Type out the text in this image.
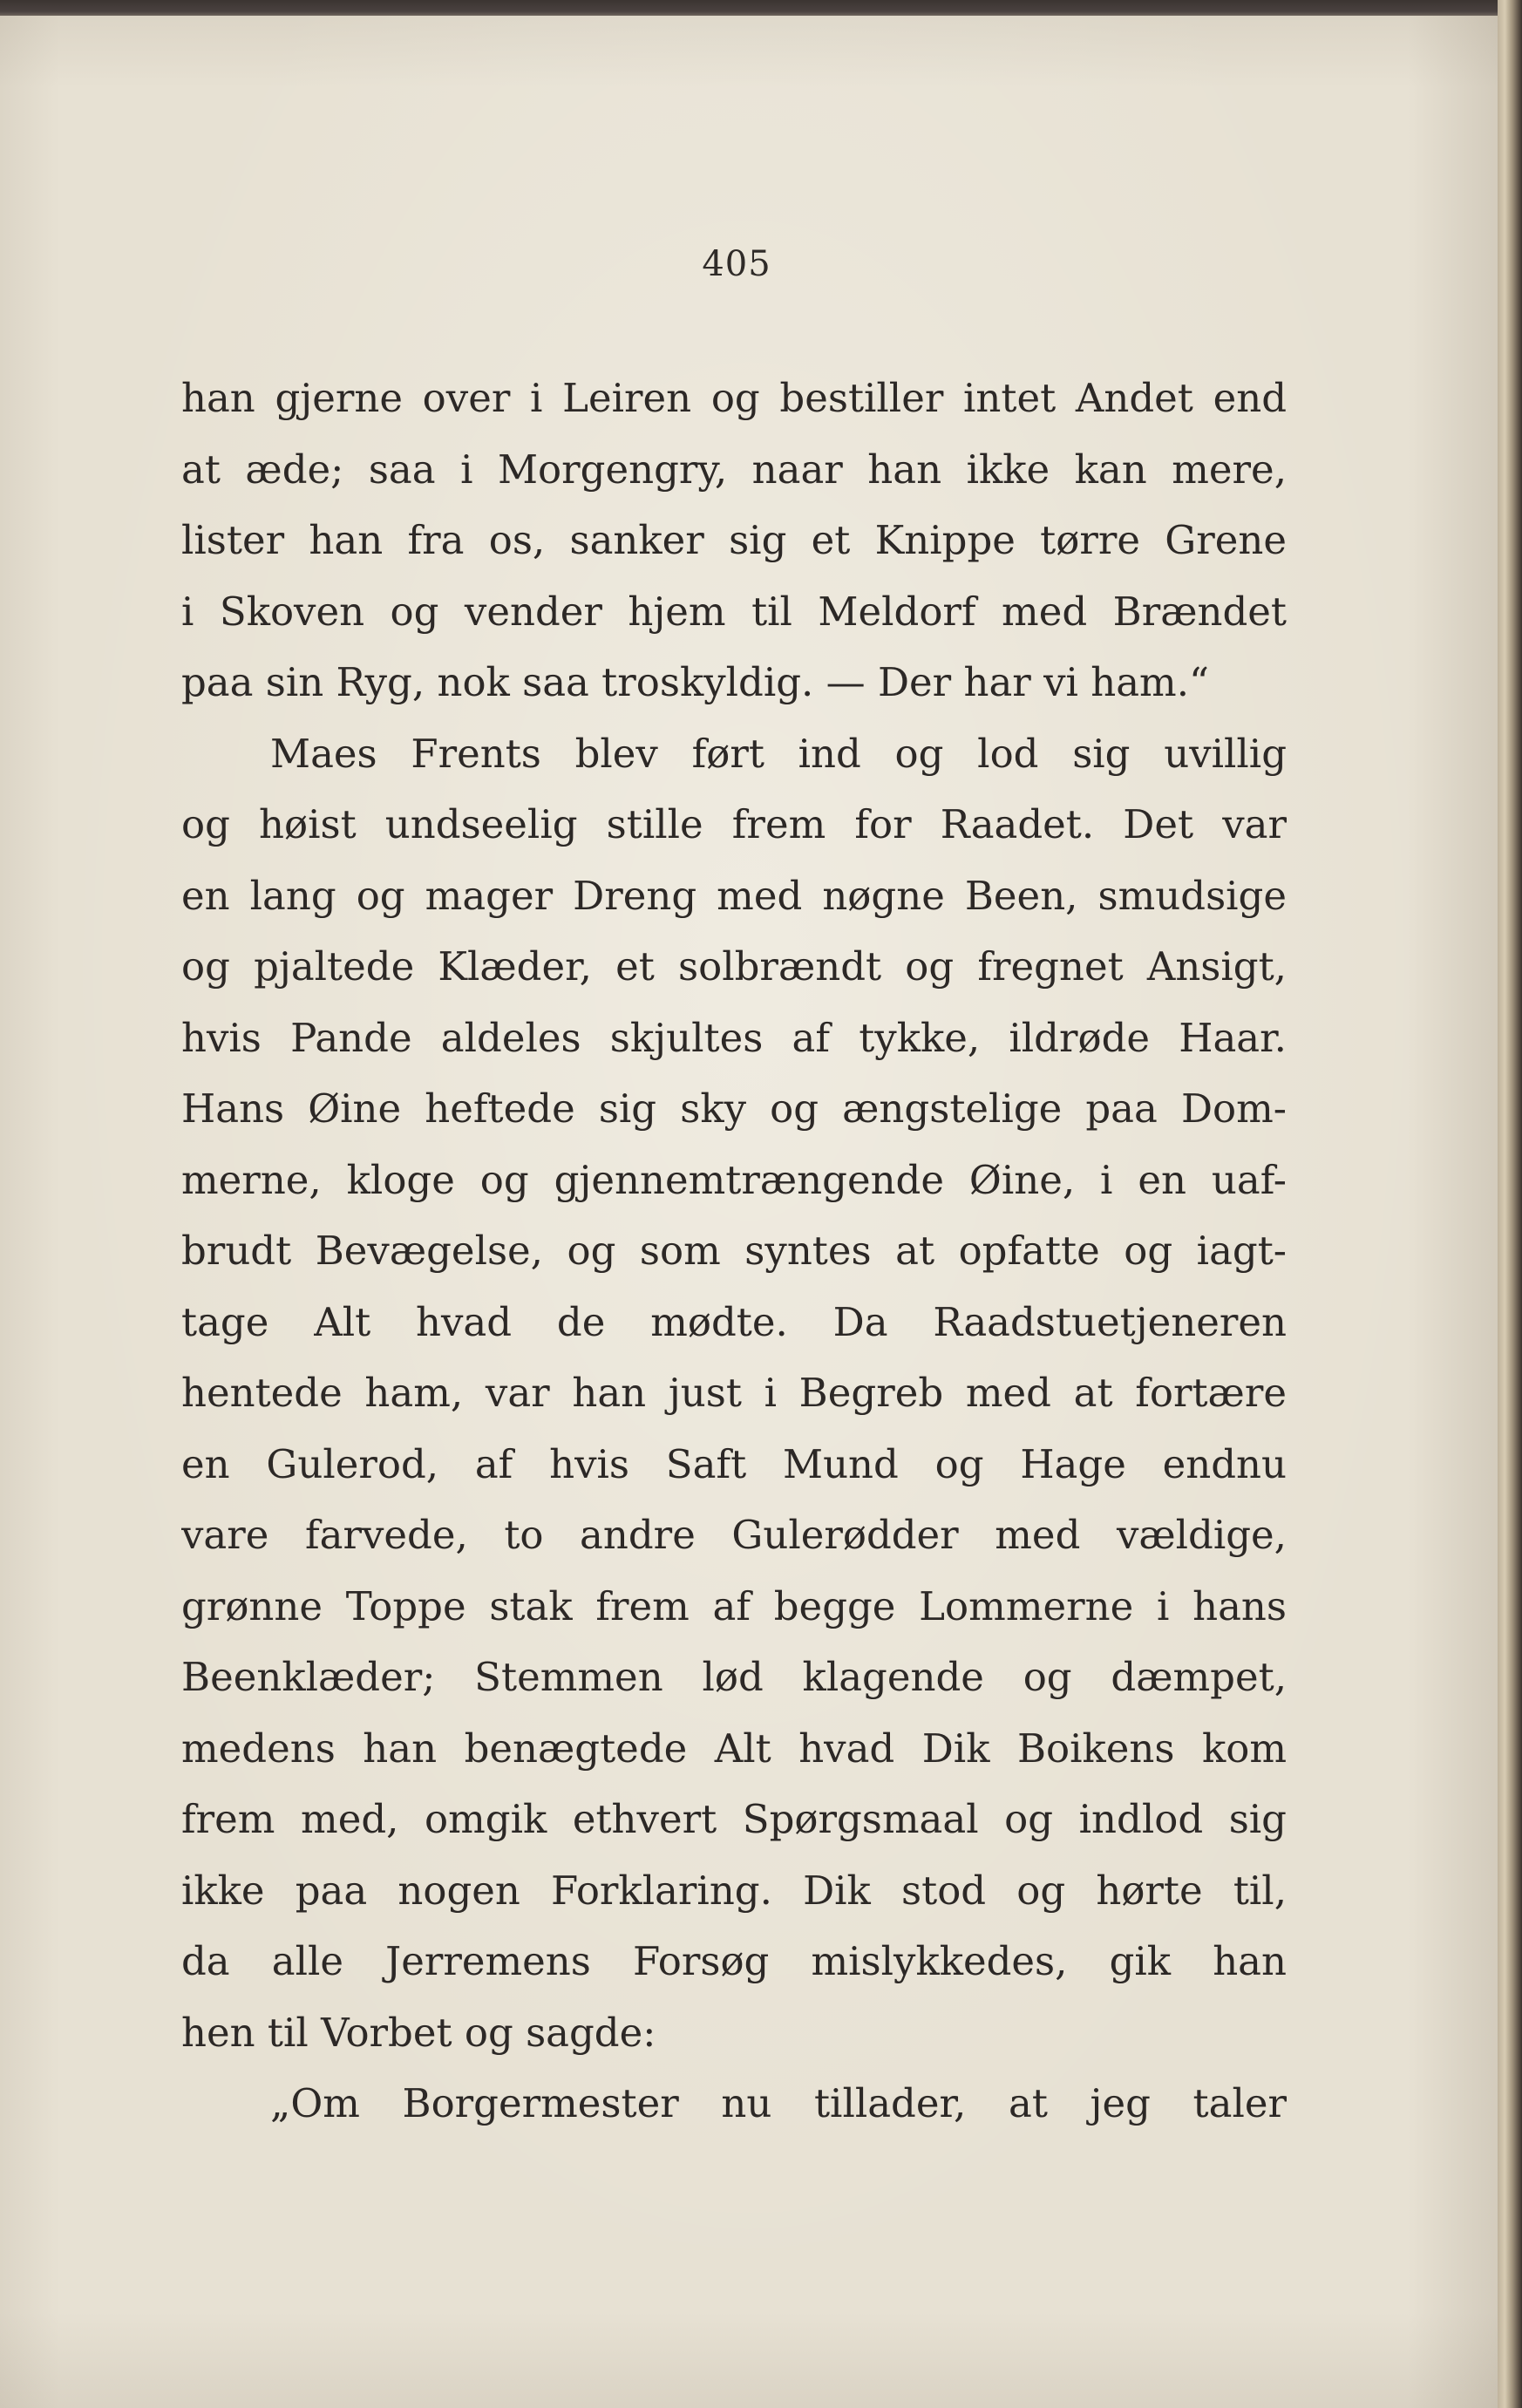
405
han gjerne over i Leiren og bestiller intet Andet end
at æde; saa i Morgengry, naar han ikke kan mere,
lister han fra os, sanker sig et Knippe tørre Grene
i Skoven og vender hjem til Meldorf med Brændet
paa sin Ryg, nok saa troskyldig. — Der har vi ham.“
Maes Frents blev ført ind og lod sig uvillig
og høist undseelig stille frem for Raadet. Det var
en lang og mager Dreng med nøgne Been, smudsige
og pjaltede Klæder, et solbrændt og fregnet Ansigt,
hvis Pande aldeles skjultes af tykke, ildrøde Haar.
Hans Øine heftede sig sky og ængstelige paa Dom-
merne, kloge og gjennemtrængende Øine, i en uaf-
brudt Bevægelse, og som syntes at opfatte og iagt-
tage Alt hvad de mødte. Da Raadstuetjeneren
hentede ham, var han just i Begreb med at fortære
en Gulerod, af hvis Saft Mund og Hage endnu
vare farvede, to andre Gulerødder med vældige,
grønne Toppe stak frem af begge Lommerne i hans
Beenklæder; Stemmen lød klagende og dæmpet,
medens han benægtede Alt hvad Dik Boikens kom
frem med, omgik ethvert Spørgsmaal og indlod sig
ikke paa nogen Forklaring. Dik stod og hørte til,
da alle Jerremens Forsøg mislykkedes, gik han
hen til Vorbet og sagde:
„Om Borgermester nu tillader, at jeg taler
